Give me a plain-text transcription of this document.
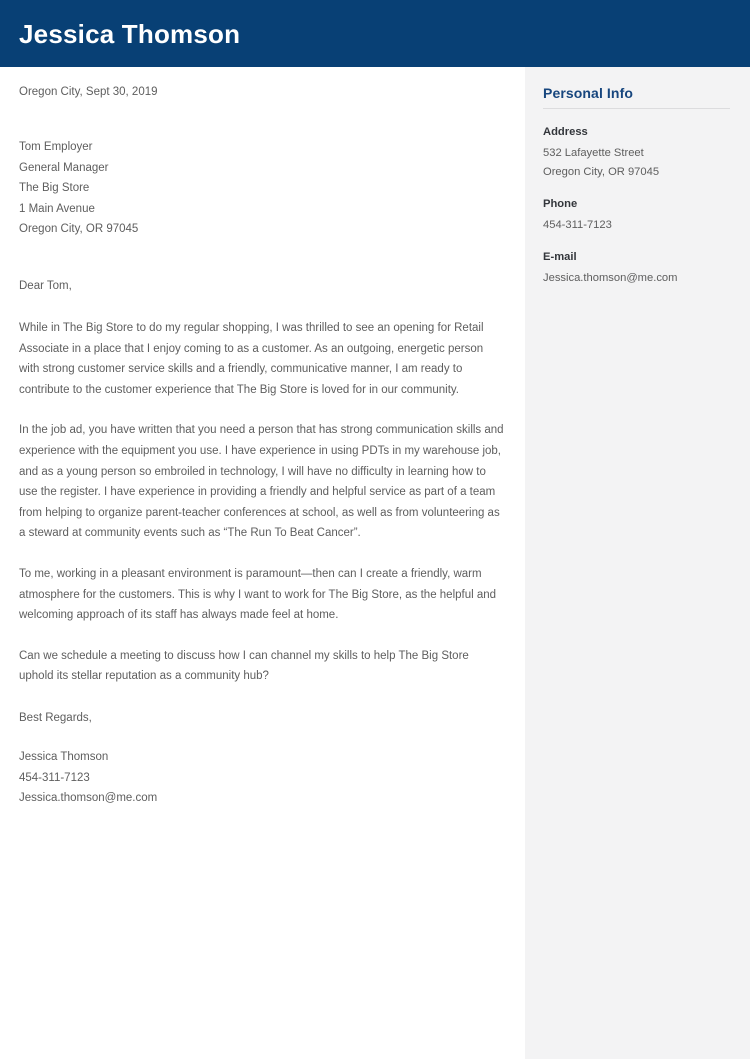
Jessica Thomson
Oregon City, Sept 30, 2019
Tom Employer
General Manager
The Big Store
1 Main Avenue
Oregon City, OR 97045
Dear Tom,

While in The Big Store to do my regular shopping, I was thrilled to see an opening for Retail Associate in a place that I enjoy coming to as a customer. As an outgoing, energetic person with strong customer service skills and a friendly, communicative manner, I am ready to contribute to the customer experience that The Big Store is loved for in our community.

In the job ad, you have written that you need a person that has strong communication skills and experience with the equipment you use. I have experience in using PDTs in my warehouse job, and as a young person so embroiled in technology, I will have no difficulty in learning how to use the register. I have experience in providing a friendly and helpful service as part of a team from helping to organize parent-teacher conferences at school, as well as from volunteering as a steward at community events such as “The Run To Beat Cancer”.

To me, working in a pleasant environment is paramount—then can I create a friendly, warm atmosphere for the customers. This is why I want to work for The Big Store, as the helpful and welcoming approach of its staff has always made feel at home.

Can we schedule a meeting to discuss how I can channel my skills to help The Big Store uphold its stellar reputation as a community hub?

Best Regards,
Jessica Thomson
454-311-7123
Jessica.thomson@me.com
Personal Info
Address
532 Lafayette Street
Oregon City, OR 97045
Phone
454-311-7123
E-mail
Jessica.thomson@me.com
